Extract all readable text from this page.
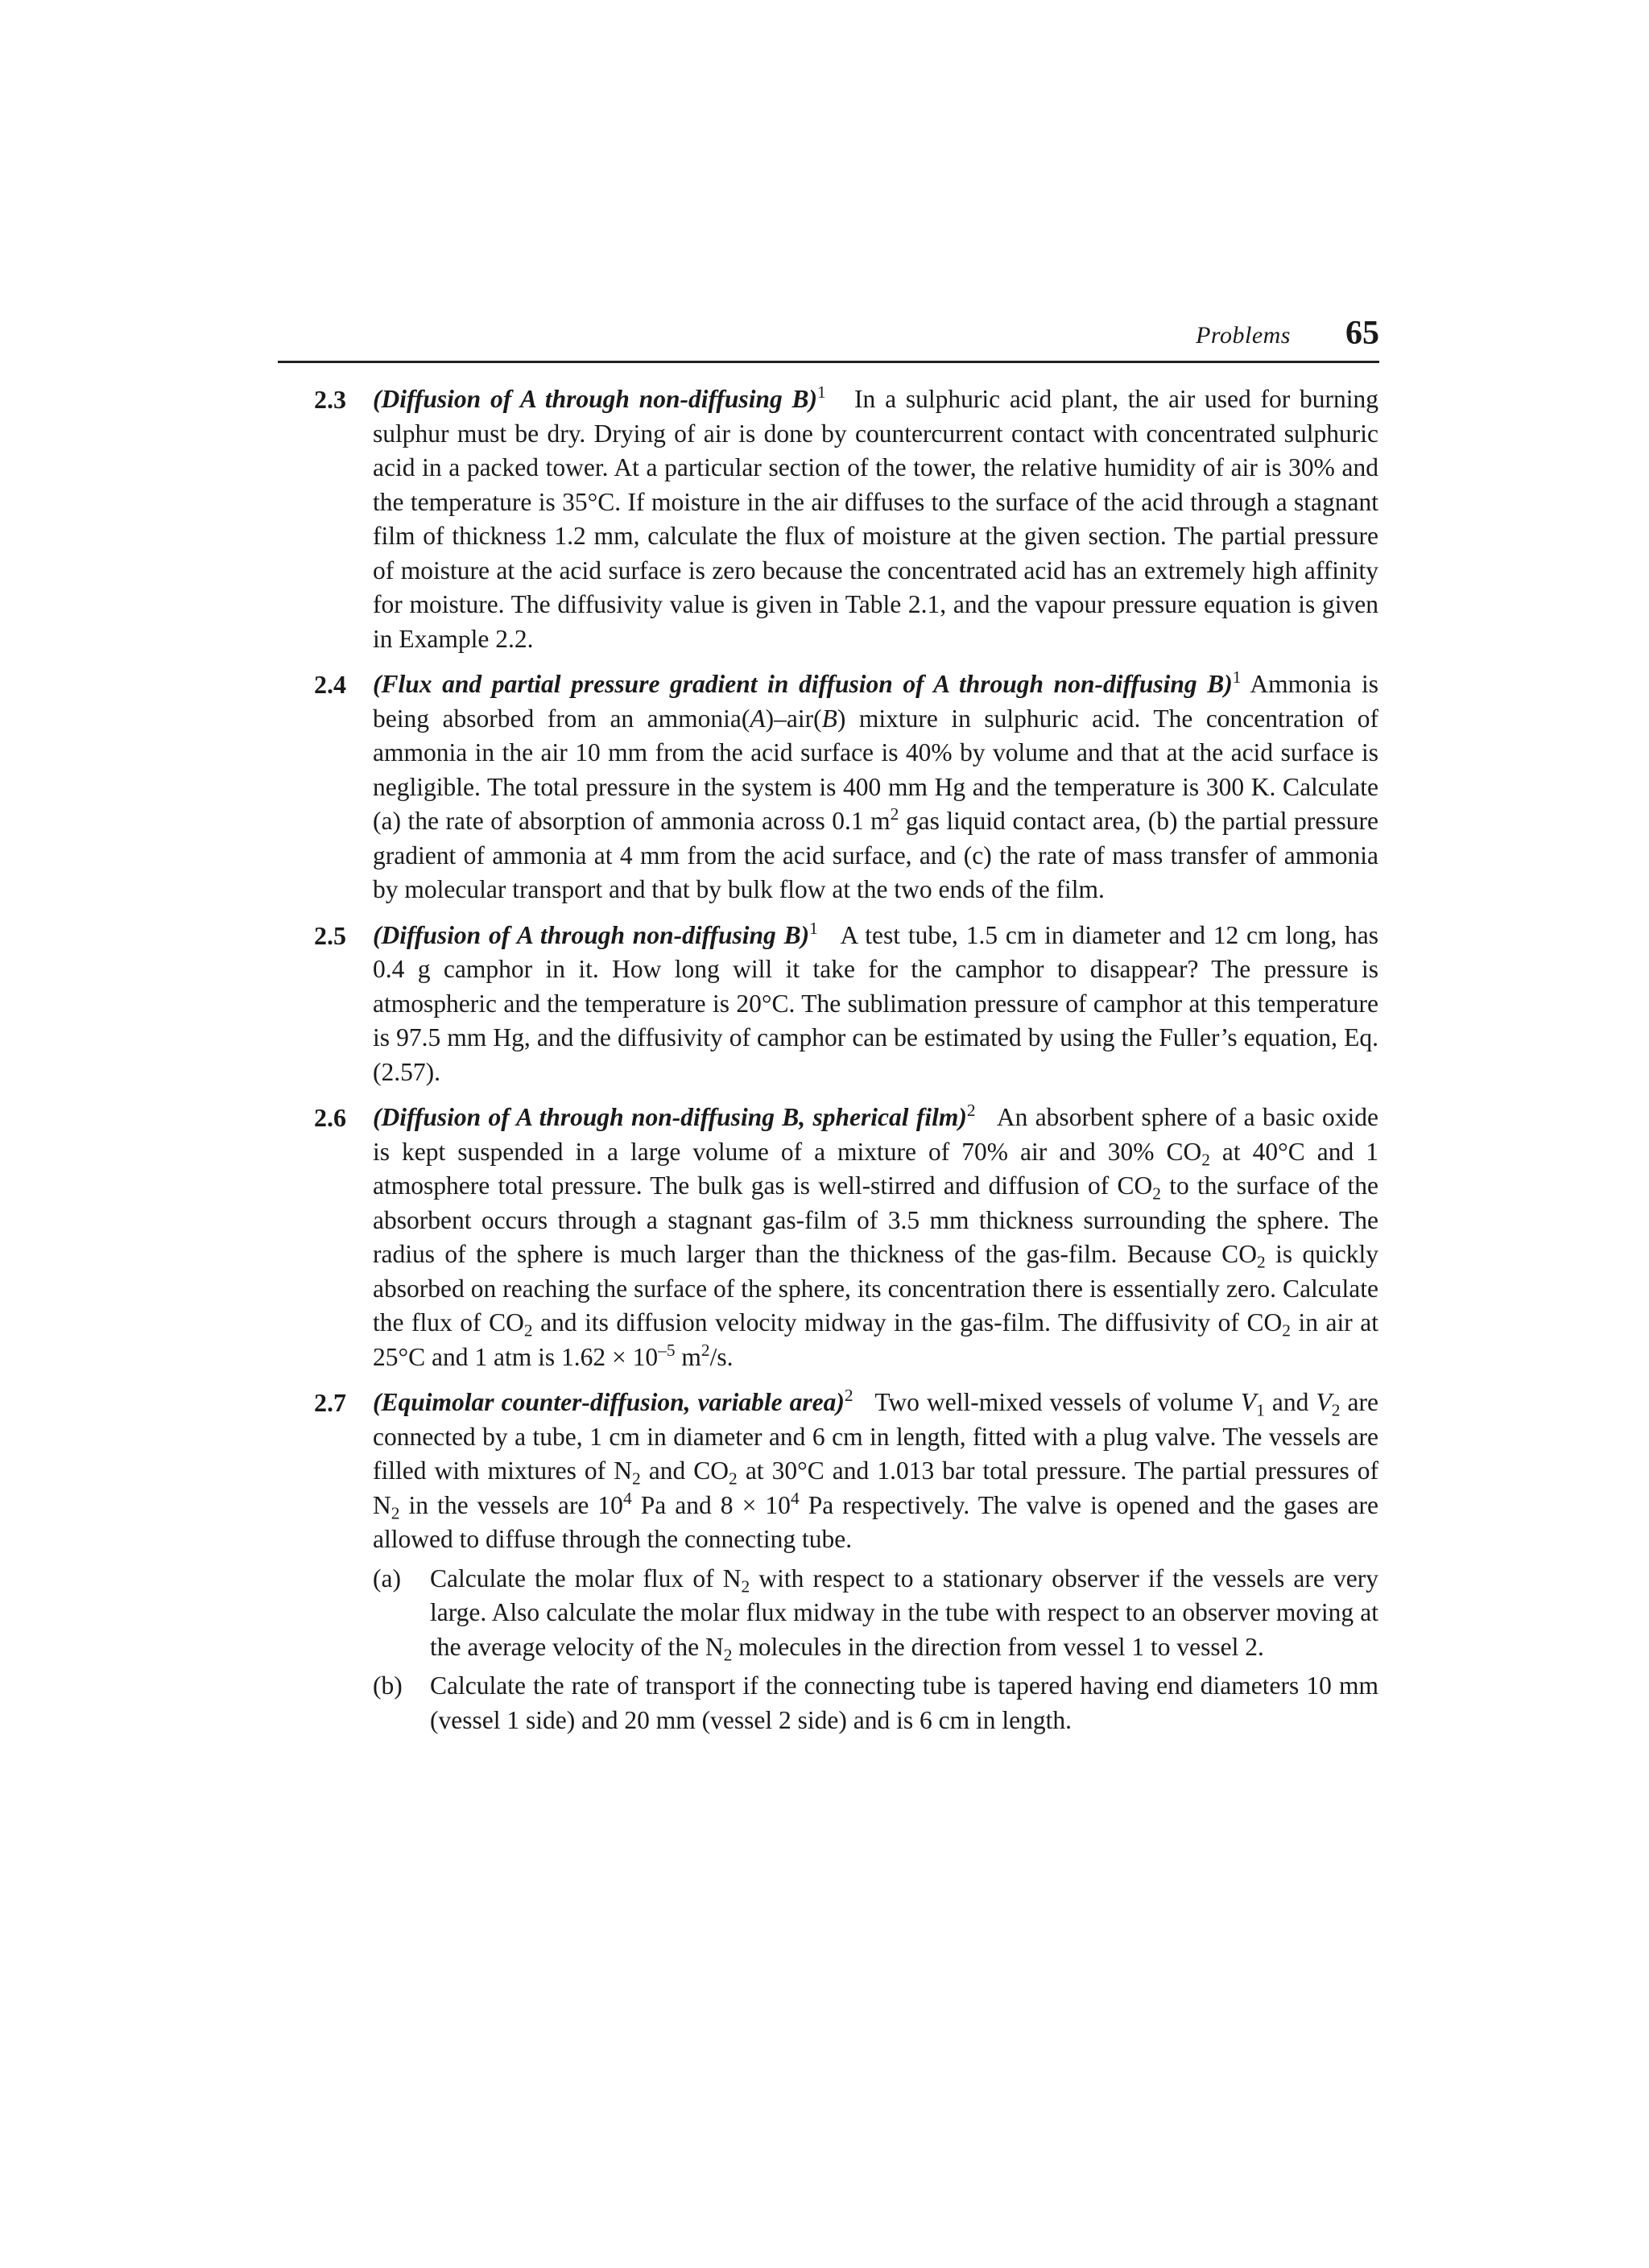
Problems 65
2.3 (Diffusion of A through non-diffusing B)$^1$ In a sulphuric acid plant, the air used for burning sulphur must be dry. Drying of air is done by countercurrent contact with concentrated sulphuric acid in a packed tower. At a particular section of the tower, the relative humidity of air is 30% and the temperature is 35°C. If moisture in the air diffuses to the surface of the acid through a stagnant film of thickness 1.2 mm, calculate the flux of moisture at the given section. The partial pressure of moisture at the acid surface is zero because the concentrated acid has an extremely high affinity for moisture. The diffusivity value is given in Table 2.1, and the vapour pressure equation is given in Example 2.2.
2.4 (Flux and partial pressure gradient in diffusion of A through non-diffusing B)$^1$ Ammonia is being absorbed from an ammonia(A)–air(B) mixture in sulphuric acid. The concentration of ammonia in the air 10 mm from the acid surface is 40% by volume and that at the acid surface is negligible. The total pressure in the system is 400 mm Hg and the temperature is 300 K. Calculate (a) the rate of absorption of ammonia across 0.1 $m^2$ gas liquid contact area, (b) the partial pressure gradient of ammonia at 4 mm from the acid surface, and (c) the rate of mass transfer of ammonia by molecular transport and that by bulk flow at the two ends of the film.
2.5 (Diffusion of A through non-diffusing B)$^1$ A test tube, 1.5 cm in diameter and 12 cm long, has 0.4 g camphor in it. How long will it take for the camphor to disappear? The pressure is atmospheric and the temperature is 20°C. The sublimation pressure of camphor at this temperature is 97.5 mm Hg, and the diffusivity of camphor can be estimated by using the Fuller’s equation, Eq. (2.57).
2.6 (Diffusion of A through non-diffusing B, spherical film)$^2$ An absorbent sphere of a basic oxide is kept suspended in a large volume of a mixture of 70% air and 30% $CO_2$ at 40°C and 1 atmosphere total pressure. The bulk gas is well-stirred and diffusion of $CO_2$ to the surface of the absorbent occurs through a stagnant gas-film of 3.5 mm thickness surrounding the sphere. The radius of the sphere is much larger than the thickness of the gas-film. Because $CO_2$ is quickly absorbed on reaching the surface of the sphere, its concentration there is essentially zero. Calculate the flux of $CO_2$ and its diffusion velocity midway in the gas-film. The diffusivity of $CO_2$ in air at 25°C and 1 atm is $1.62 \times 10^{-5}$ $m^2/s$.
2.7 (Equimolar counter-diffusion, variable area)$^2$ Two well-mixed vessels of volume $V_1$ and $V_2$ are connected by a tube, 1 cm in diameter and 6 cm in length, fitted with a plug valve. The vessels are filled with mixtures of $N_2$ and $CO_2$ at 30°C and 1.013 bar total pressure. The partial pressures of $N_2$ in the vessels are $10^4$ Pa and $8 \times 10^4$ Pa respectively. The valve is opened and the gases are allowed to diffuse through the connecting tube.
(a) Calculate the molar flux of $N_2$ with respect to a stationary observer if the vessels are very large. Also calculate the molar flux midway in the tube with respect to an observer moving at the average velocity of the $N_2$ molecules in the direction from vessel 1 to vessel 2.
(b) Calculate the rate of transport if the connecting tube is tapered having end diameters 10 mm (vessel 1 side) and 20 mm (vessel 2 side) and is 6 cm in length.
